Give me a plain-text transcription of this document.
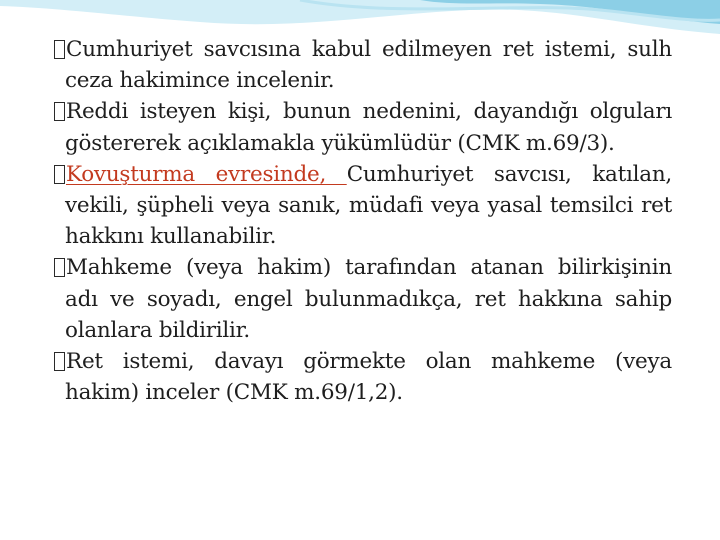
Cumhuriyet savcısına kabul edilmeyen ret istemi, sulh ceza hakimince incelenir.

Reddi isteyen kişi, bunun nedenini, dayandığı olguları göstererek açıklamakla yükümlüdür (CMK m.69/3).

Kovuşturma evresinde, Cumhuriyet savcısı, katılan, vekili, şüpheli veya sanık, müdafi veya yasal temsilci ret hakkını kullanabilir.

Mahkeme (veya hakim) tarafından atanan bilirkişinin adı ve soyadı, engel bulunmadıkça, ret hakkına sahip olanlara bildirilir.

Ret istemi, davayı görmekte olan mahkeme (veya hakim) inceler (CMK m.69/1,2).
